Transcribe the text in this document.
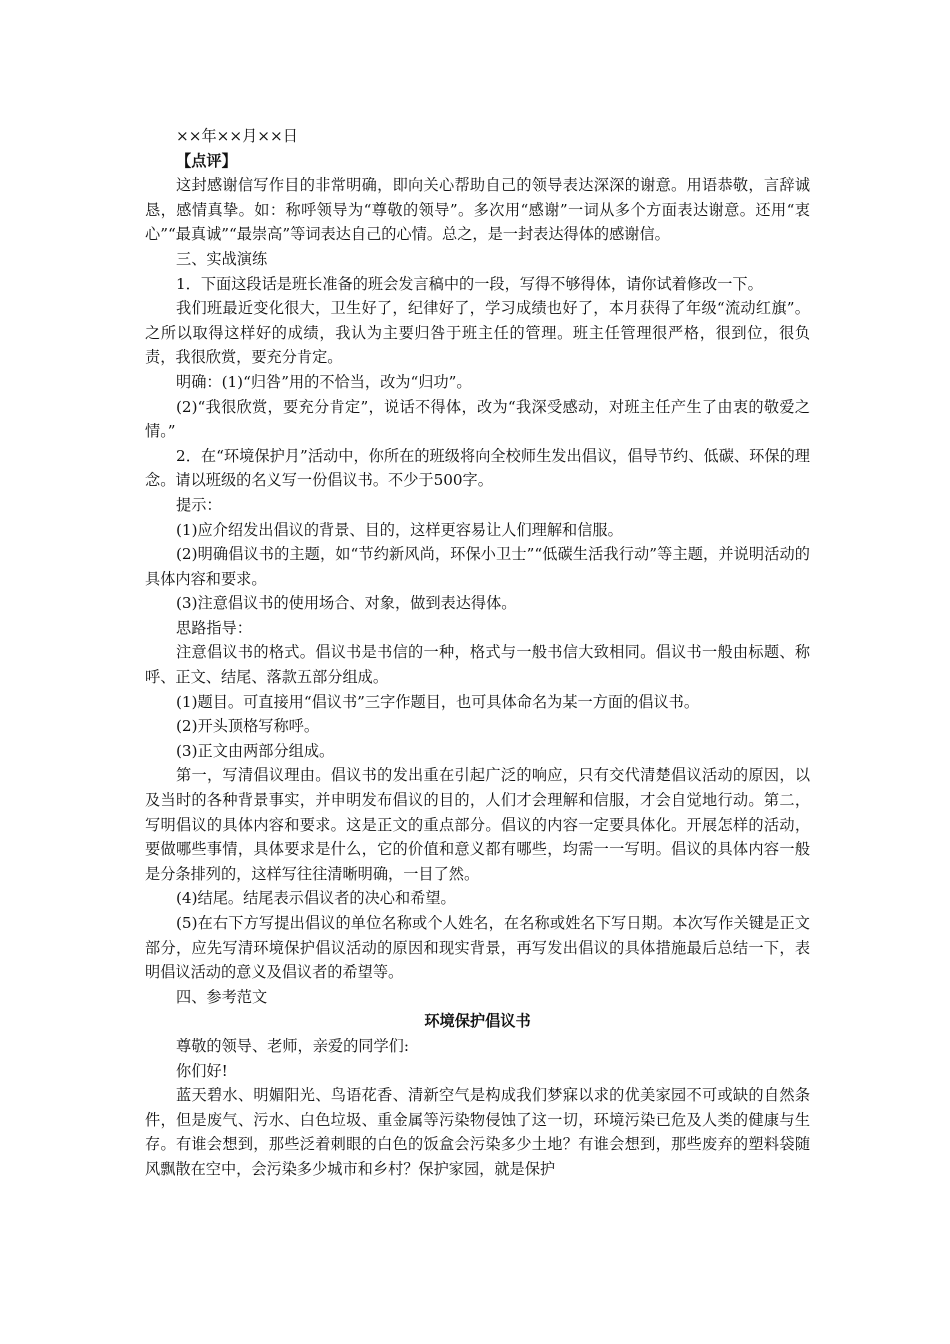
××年××月××日

【点评】

这封感谢信写作目的非常明确，即向关心帮助自己的领导表达深深的谢意。用语恭敬，言辞诚恳，感情真挚。如：称呼领导为“尊敬的领导”。多次用“感谢”一词从多个方面表达谢意。还用“衷心”“最真诚”“最崇高”等词表达自己的心情。总之，是一封表达得体的感谢信。

三、实战演练

1．下面这段话是班长准备的班会发言稿中的一段，写得不够得体，请你试着修改一下。

我们班最近变化很大，卫生好了，纪律好了，学习成绩也好了，本月获得了年级“流动红旗”。之所以取得这样好的成绩，我认为主要归咎于班主任的管理。班主任管理很严格，很到位，很负责，我很欣赏，要充分肯定。

明确：(1)“归咎”用的不恰当，改为“归功”。

(2)“我很欣赏，要充分肯定”，说话不得体，改为“我深受感动，对班主任产生了由衷的敬爱之情。”

2．在“环境保护月”活动中，你所在的班级将向全校师生发出倡议，倡导节约、低碳、环保的理念。请以班级的名义写一份倡议书。不少于500字。

提示：

(1)应介绍发出倡议的背景、目的，这样更容易让人们理解和信服。

(2)明确倡议书的主题，如“节约新风尚，环保小卫士”“低碳生活我行动”等主题，并说明活动的具体内容和要求。

(3)注意倡议书的使用场合、对象，做到表达得体。

思路指导：

注意倡议书的格式。倡议书是书信的一种，格式与一般书信大致相同。倡议书一般由标题、称呼、正文、结尾、落款五部分组成。

(1)题目。可直接用“倡议书”三字作题目，也可具体命名为某一方面的倡议书。

(2)开头顶格写称呼。

(3)正文由两部分组成。

第一，写清倡议理由。倡议书的发出重在引起广泛的响应，只有交代清楚倡议活动的原因，以及当时的各种背景事实，并申明发布倡议的目的，人们才会理解和信服，才会自觉地行动。第二，写明倡议的具体内容和要求。这是正文的重点部分。倡议的内容一定要具体化。开展怎样的活动，要做哪些事情，具体要求是什么，它的价值和意义都有哪些，均需一一写明。倡议的具体内容一般是分条排列的，这样写往往清晰明确，一目了然。

(4)结尾。结尾表示倡议者的决心和希望。

(5)在右下方写提出倡议的单位名称或个人姓名，在名称或姓名下写日期。本次写作关键是正文部分，应先写清环境保护倡议活动的原因和现实背景，再写发出倡议的具体措施最后总结一下，表明倡议活动的意义及倡议者的希望等。

四、参考范文

环境保护倡议书

尊敬的领导、老师，亲爱的同学们:

你们好!

蓝天碧水、明媚阳光、鸟语花香、清新空气是构成我们梦寐以求的优美家园不可或缺的自然条件，但是废气、污水、白色垃圾、重金属等污染物侵蚀了这一切，环境污染已危及人类的健康与生存。有谁会想到，那些泛着刺眼的白色的饭盒会污染多少土地？有谁会想到，那些废弃的塑料袋随风飘散在空中，会污染多少城市和乡村？保护家园，就是保护
